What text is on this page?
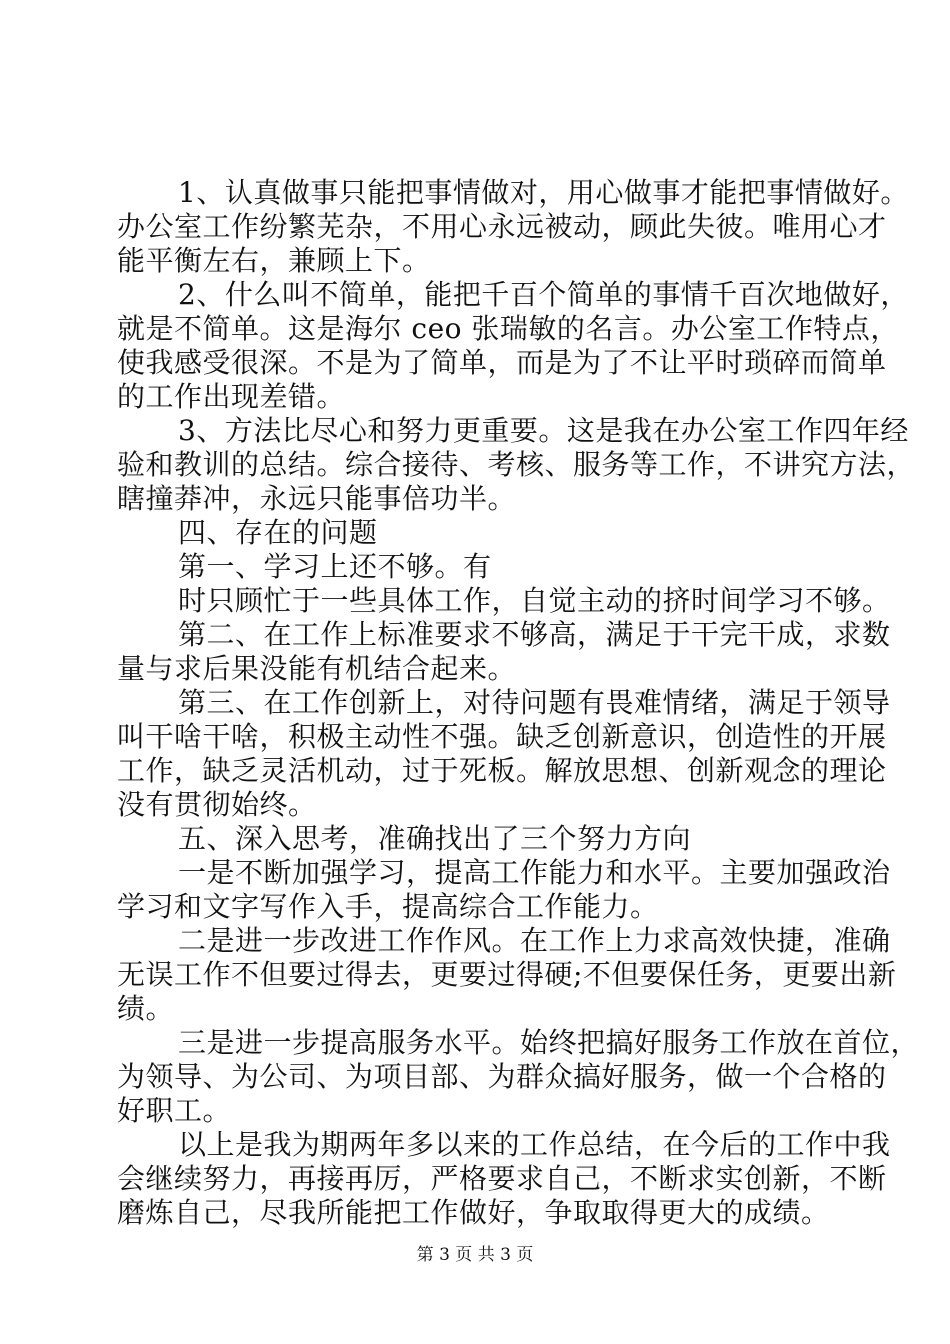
1、认真做事只能把事情做对，用心做事才能把事情做好。
办公室工作纷繁芜杂，不用心永远被动，顾此失彼。唯用心才
能平衡左右，兼顾上下。
2、什么叫不简单，能把千百个简单的事情千百次地做好，
就是不简单。这是海尔 ceo 张瑞敏的名言。办公室工作特点，
使我感受很深。不是为了简单，而是为了不让平时琐碎而简单
的工作出现差错。
3、方法比尽心和努力更重要。这是我在办公室工作四年经
验和教训的总结。综合接待、考核、服务等工作，不讲究方法，
瞎撞莽冲，永远只能事倍功半。
四、存在的问题
第一、学习上还不够。有
时只顾忙于一些具体工作，自觉主动的挤时间学习不够。
第二、在工作上标准要求不够高，满足于干完干成，求数
量与求后果没能有机结合起来。
第三、在工作创新上，对待问题有畏难情绪，满足于领导
叫干啥干啥，积极主动性不强。缺乏创新意识，创造性的开展
工作，缺乏灵活机动，过于死板。解放思想、创新观念的理论
没有贯彻始终。
五、深入思考，准确找出了三个努力方向
一是不断加强学习，提高工作能力和水平。主要加强政治
学习和文字写作入手，提高综合工作能力。
二是进一步改进工作作风。在工作上力求高效快捷，准确
无误工作不但要过得去，更要过得硬;不但要保任务，更要出新
绩。
三是进一步提高服务水平。始终把搞好服务工作放在首位，
为领导、为公司、为项目部、为群众搞好服务，做一个合格的
好职工。
以上是我为期两年多以来的工作总结，在今后的工作中我
会继续努力，再接再厉，严格要求自己，不断求实创新，不断
磨炼自己，尽我所能把工作做好，争取取得更大的成绩。
第 3 页 共 3 页
